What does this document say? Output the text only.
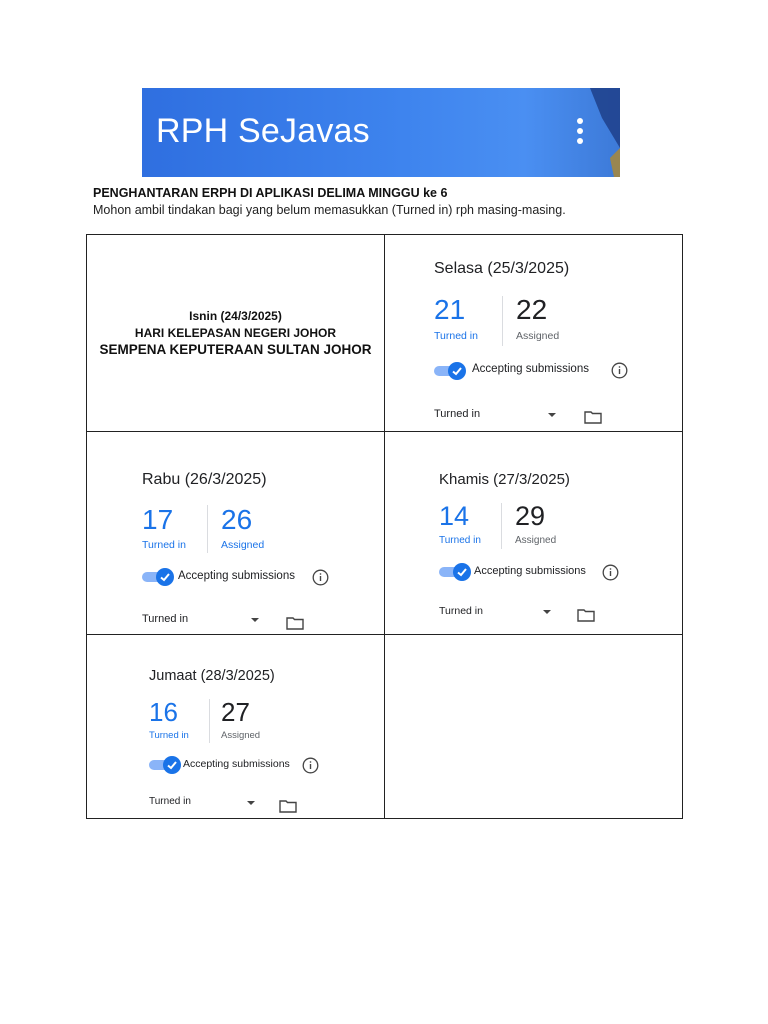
RPH SeJavas
PENGHANTARAN ERPH DI APLIKASI DELIMA MINGGU ke 6
Mohon ambil tindakan bagi yang belum memasukkan (Turned in) rph masing-masing.
Isnin (24/3/2025)
HARI KELEPASAN NEGERI JOHOR
SEMPENA KEPUTERAAN SULTAN JOHOR
Selasa (25/3/2025)
21
Turned in
22
Assigned
Accepting submissions
Turned in
Rabu (26/3/2025)
17
Turned in
26
Assigned
Accepting submissions
Turned in
Khamis (27/3/2025)
14
Turned in
29
Assigned
Accepting submissions
Turned in
Jumaat (28/3/2025)
16
Turned in
27
Assigned
Accepting submissions
Turned in
